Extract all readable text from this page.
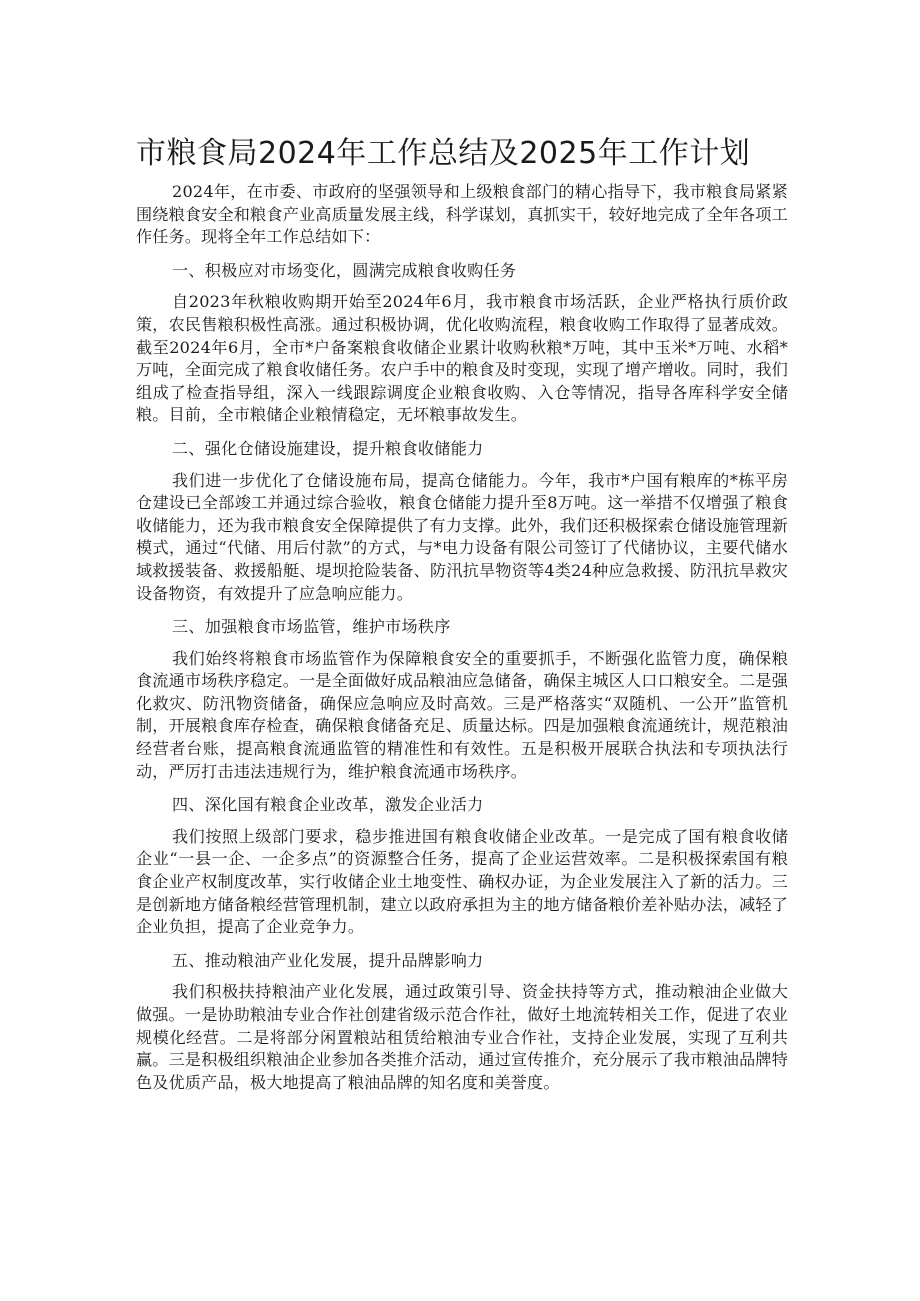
市粮食局2024年工作总结及2025年工作计划

2024年，在市委、市政府的坚强领导和上级粮食部门的精心指导下，我市粮食局紧紧围绕粮食安全和粮食产业高质量发展主线，科学谋划，真抓实干，较好地完成了全年各项工作任务。现将全年工作总结如下：

一、积极应对市场变化，圆满完成粮食收购任务

自2023年秋粮收购期开始至2024年6月，我市粮食市场活跃，企业严格执行质价政策，农民售粮积极性高涨。通过积极协调，优化收购流程，粮食收购工作取得了显著成效。截至2024年6月，全市*户备案粮食收储企业累计收购秋粮*万吨，其中玉米*万吨、水稻*万吨，全面完成了粮食收储任务。农户手中的粮食及时变现，实现了增产增收。同时，我们组成了检查指导组，深入一线跟踪调度企业粮食收购、入仓等情况，指导各库科学安全储粮。目前，全市粮储企业粮情稳定，无坏粮事故发生。

二、强化仓储设施建设，提升粮食收储能力

我们进一步优化了仓储设施布局，提高仓储能力。今年，我市*户国有粮库的*栋平房仓建设已全部竣工并通过综合验收，粮食仓储能力提升至8万吨。这一举措不仅增强了粮食收储能力，还为我市粮食安全保障提供了有力支撑。此外，我们还积极探索仓储设施管理新模式，通过“代储、用后付款”的方式，与*电力设备有限公司签订了代储协议，主要代储水域救援装备、救援船艇、堤坝抢险装备、防汛抗旱物资等4类24种应急救援、防汛抗旱救灾设备物资，有效提升了应急响应能力。

三、加强粮食市场监管，维护市场秩序

我们始终将粮食市场监管作为保障粮食安全的重要抓手，不断强化监管力度，确保粮食流通市场秩序稳定。一是全面做好成品粮油应急储备，确保主城区人口口粮安全。二是强化救灾、防汛物资储备，确保应急响应及时高效。三是严格落实“双随机、一公开”监管机制，开展粮食库存检查，确保粮食储备充足、质量达标。四是加强粮食流通统计，规范粮油经营者台账，提高粮食流通监管的精准性和有效性。五是积极开展联合执法和专项执法行动，严厉打击违法违规行为，维护粮食流通市场秩序。

四、深化国有粮食企业改革，激发企业活力

我们按照上级部门要求，稳步推进国有粮食收储企业改革。一是完成了国有粮食收储企业“一县一企、一企多点”的资源整合任务，提高了企业运营效率。二是积极探索国有粮食企业产权制度改革，实行收储企业土地变性、确权办证，为企业发展注入了新的活力。三是创新地方储备粮经营管理机制，建立以政府承担为主的地方储备粮价差补贴办法，减轻了企业负担，提高了企业竞争力。

五、推动粮油产业化发展，提升品牌影响力

我们积极扶持粮油产业化发展，通过政策引导、资金扶持等方式，推动粮油企业做大做强。一是协助粮油专业合作社创建省级示范合作社，做好土地流转相关工作，促进了农业规模化经营。二是将部分闲置粮站租赁给粮油专业合作社，支持企业发展，实现了互利共赢。三是积极组织粮油企业参加各类推介活动，通过宣传推介，充分展示了我市粮油品牌特色及优质产品，极大地提高了粮油品牌的知名度和美誉度。
